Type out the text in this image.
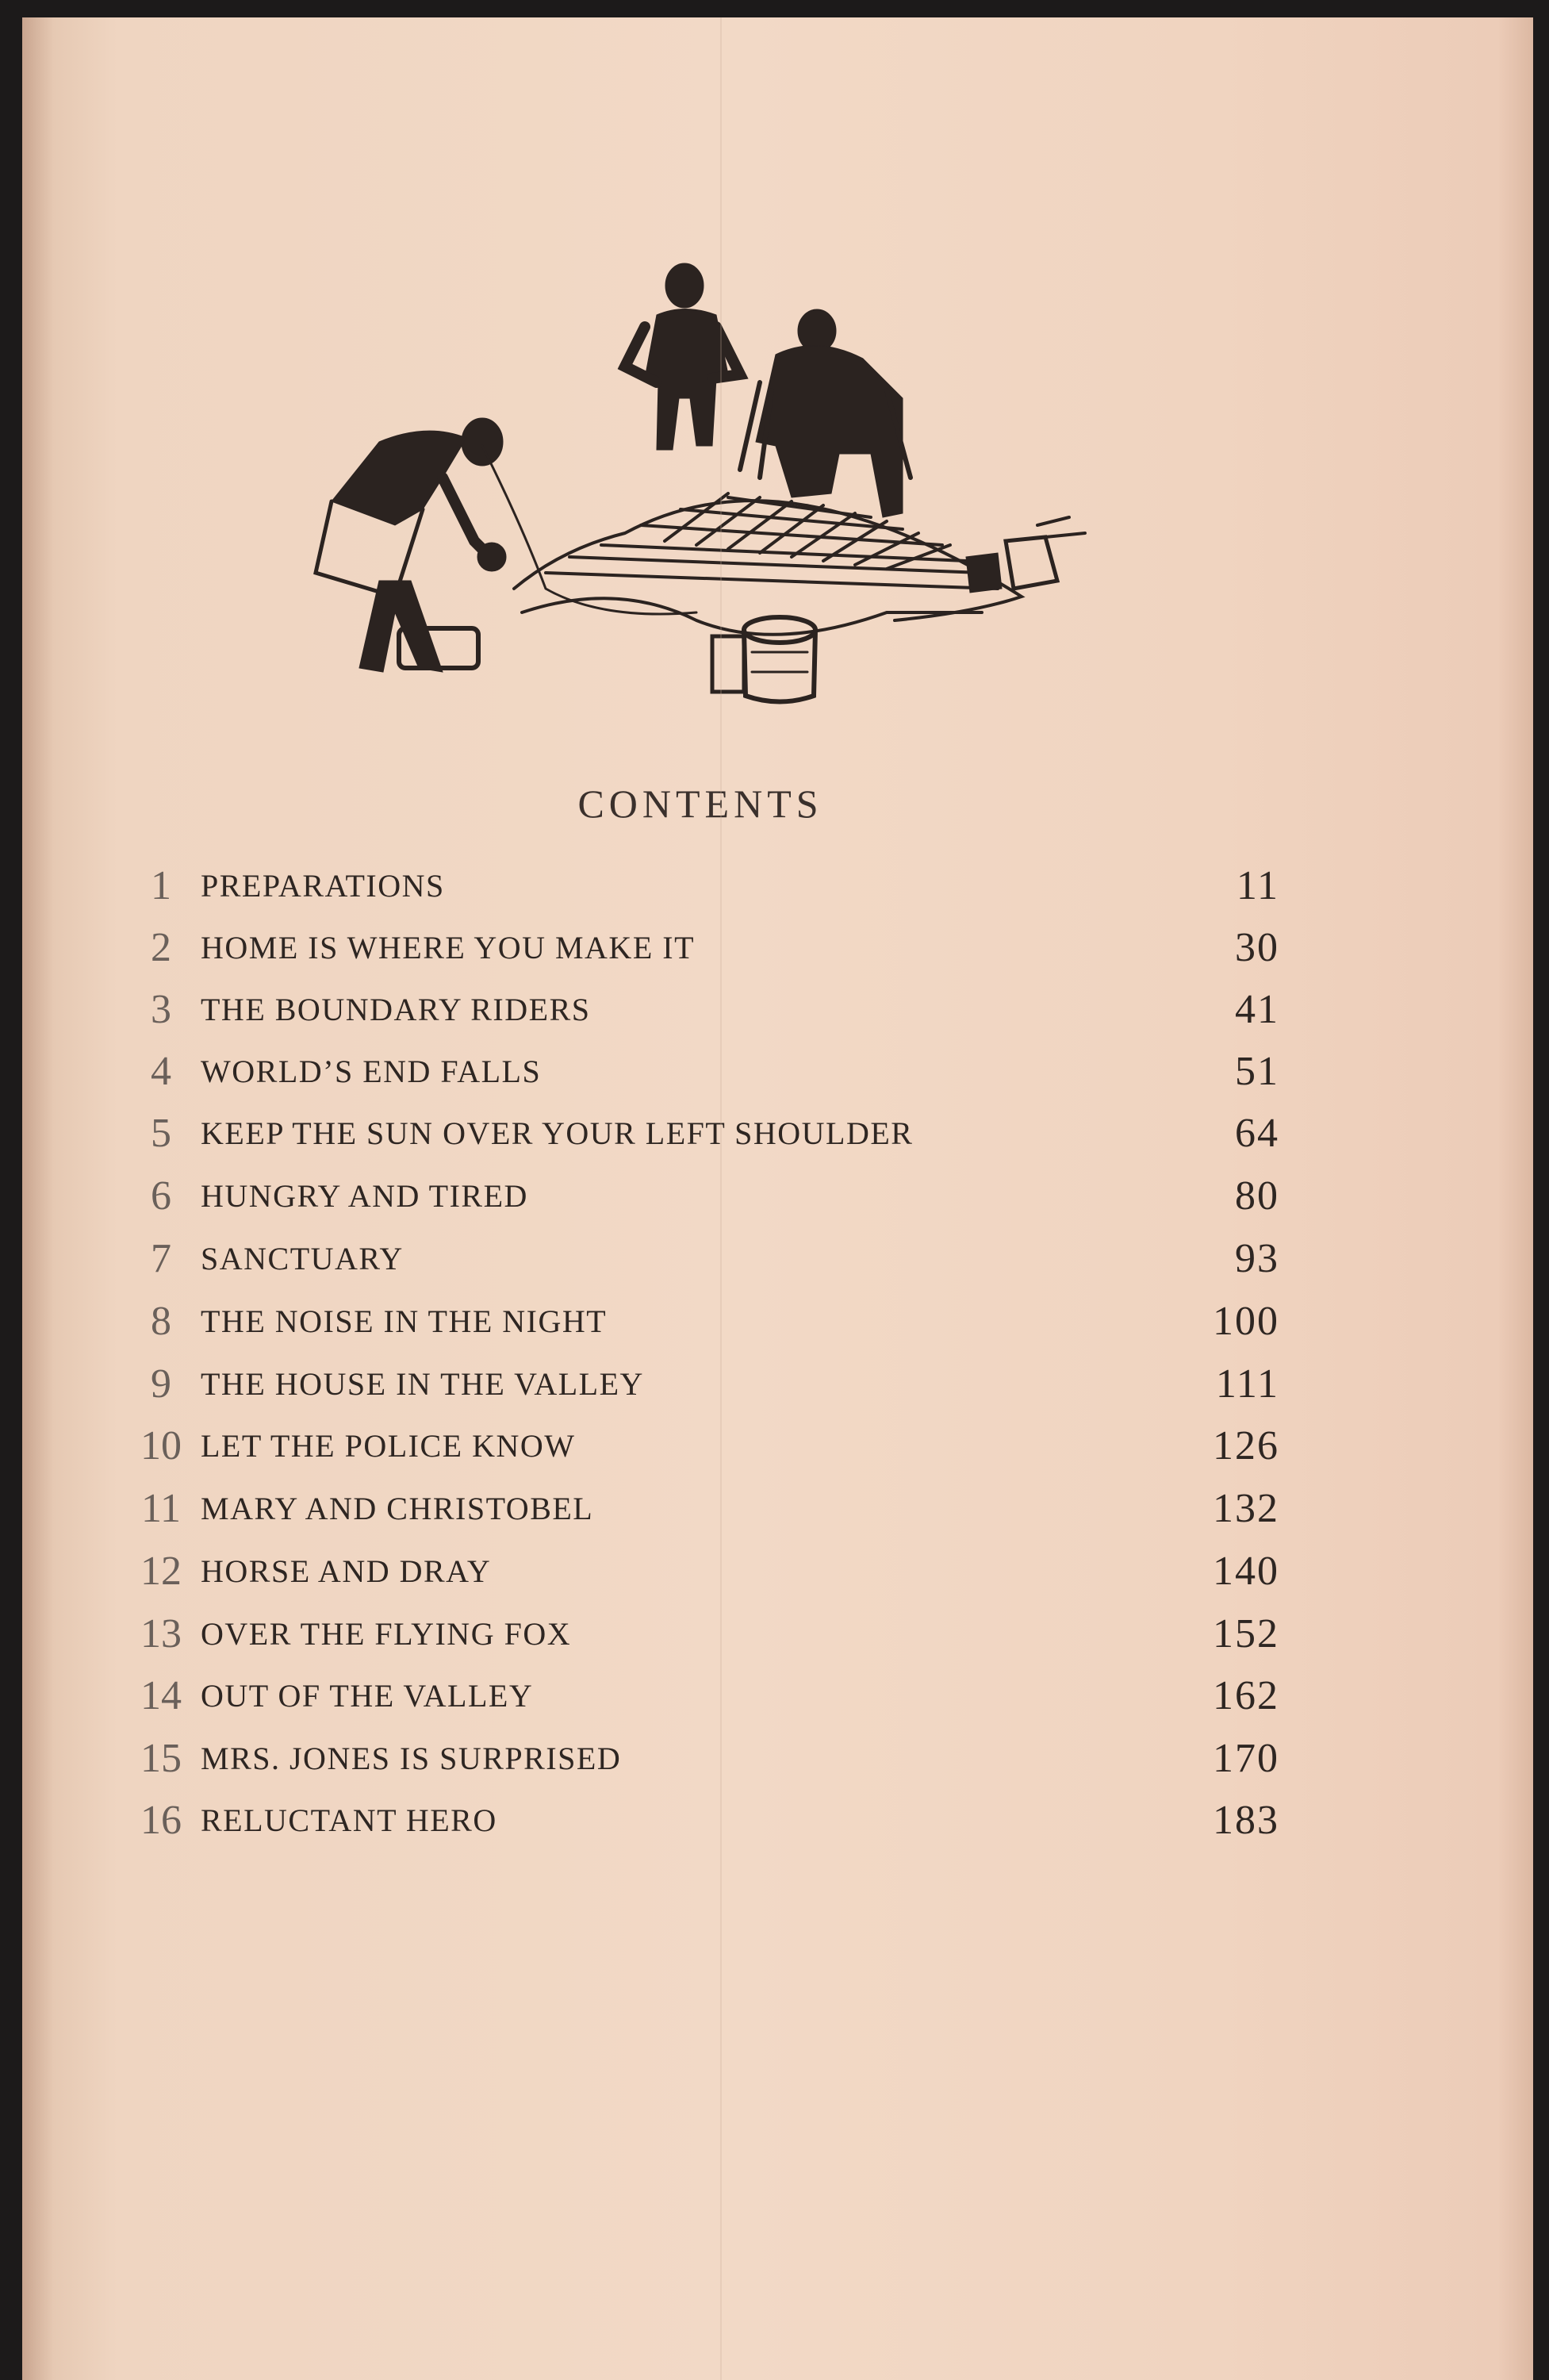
CONTENTS
1 PREPARATIONS	11
2 HOME IS WHERE YOU MAKE IT	30
3 THE BOUNDARY RIDERS	41
4 WORLD’S END FALLS	51
5 KEEP THE SUN OVER YOUR LEFT SHOULDER	64
6 HUNGRY AND TIRED	80
7 SANCTUARY	93
8 THE NOISE IN THE NIGHT	100
9 THE HOUSE IN THE VALLEY	111
10 LET THE POLICE KNOW	126
11 MARY AND CHRISTOBEL	132
12 HORSE AND DRAY	140
13 OVER THE FLYING FOX	152
14 OUT OF THE VALLEY	162
15 MRS. JONES IS SURPRISED	170
16 RELUCTANT HERO	183
